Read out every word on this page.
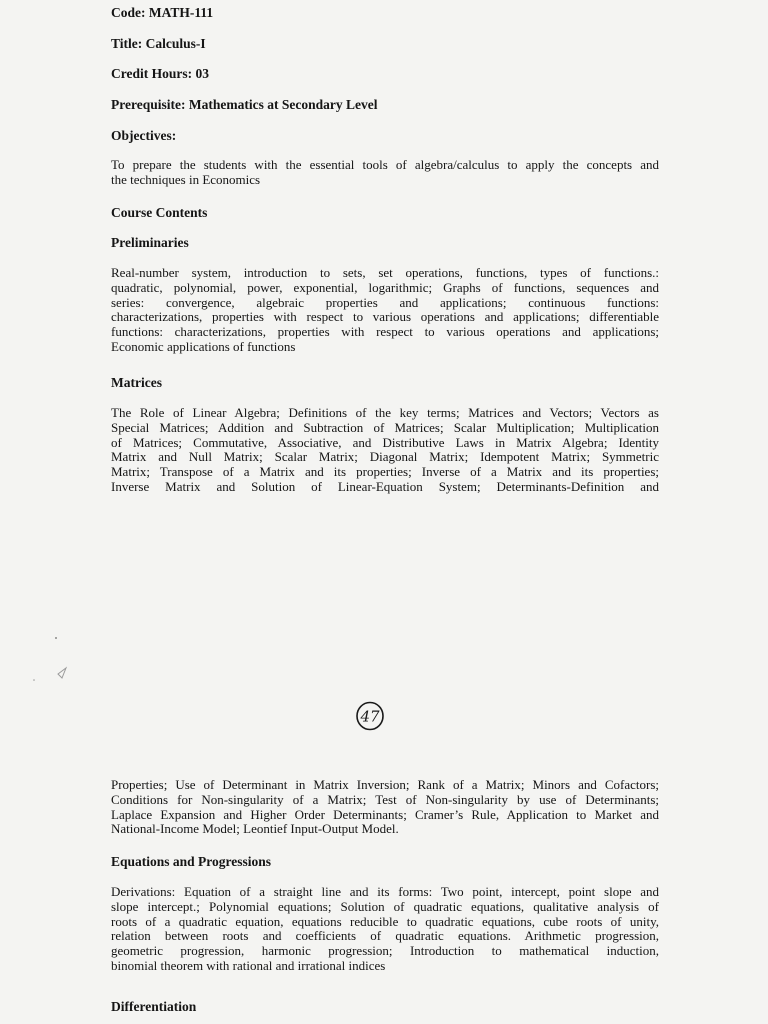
Code: MATH-111
Title: Calculus-I
Credit Hours: 03
Prerequisite: Mathematics at Secondary Level
Objectives:
To prepare the students with the essential tools of algebra/calculus to apply the concepts and
the techniques in Economics
Course Contents
Preliminaries
Real-number system, introduction to sets, set operations, functions, types of functions.:
quadratic, polynomial, power, exponential, logarithmic; Graphs of functions, sequences and
series: convergence, algebraic properties and applications; continuous functions:
characterizations, properties with respect to various operations and applications; differentiable
functions: characterizations, properties with respect to various operations and applications;
Economic applications of functions
Matrices
The Role of Linear Algebra; Definitions of the key terms; Matrices and Vectors; Vectors as
Special Matrices; Addition and Subtraction of Matrices; Scalar Multiplication; Multiplication
of Matrices; Commutative, Associative, and Distributive Laws in Matrix Algebra; Identity
Matrix and Null Matrix; Scalar Matrix; Diagonal Matrix; Idempotent Matrix; Symmetric
Matrix; Transpose of a Matrix and its properties; Inverse of a Matrix and its properties;
Inverse Matrix and Solution of Linear-Equation System; Determinants-Definition and
47
Properties; Use of Determinant in Matrix Inversion; Rank of a Matrix; Minors and Cofactors;
Conditions for Non-singularity of a Matrix; Test of Non-singularity by use of Determinants;
Laplace Expansion and Higher Order Determinants; Cramer’s Rule, Application to Market and
National-Income Model; Leontief Input-Output Model.
Equations and Progressions
Derivations: Equation of a straight line and its forms: Two point, intercept, point slope and
slope intercept.; Polynomial equations; Solution of quadratic equations, qualitative analysis of
roots of a quadratic equation, equations reducible to quadratic equations, cube roots of unity,
relation between roots and coefficients of quadratic equations. Arithmetic progression,
geometric progression, harmonic progression; Introduction to mathematical induction,
binomial theorem with rational and irrational indices
Differentiation
